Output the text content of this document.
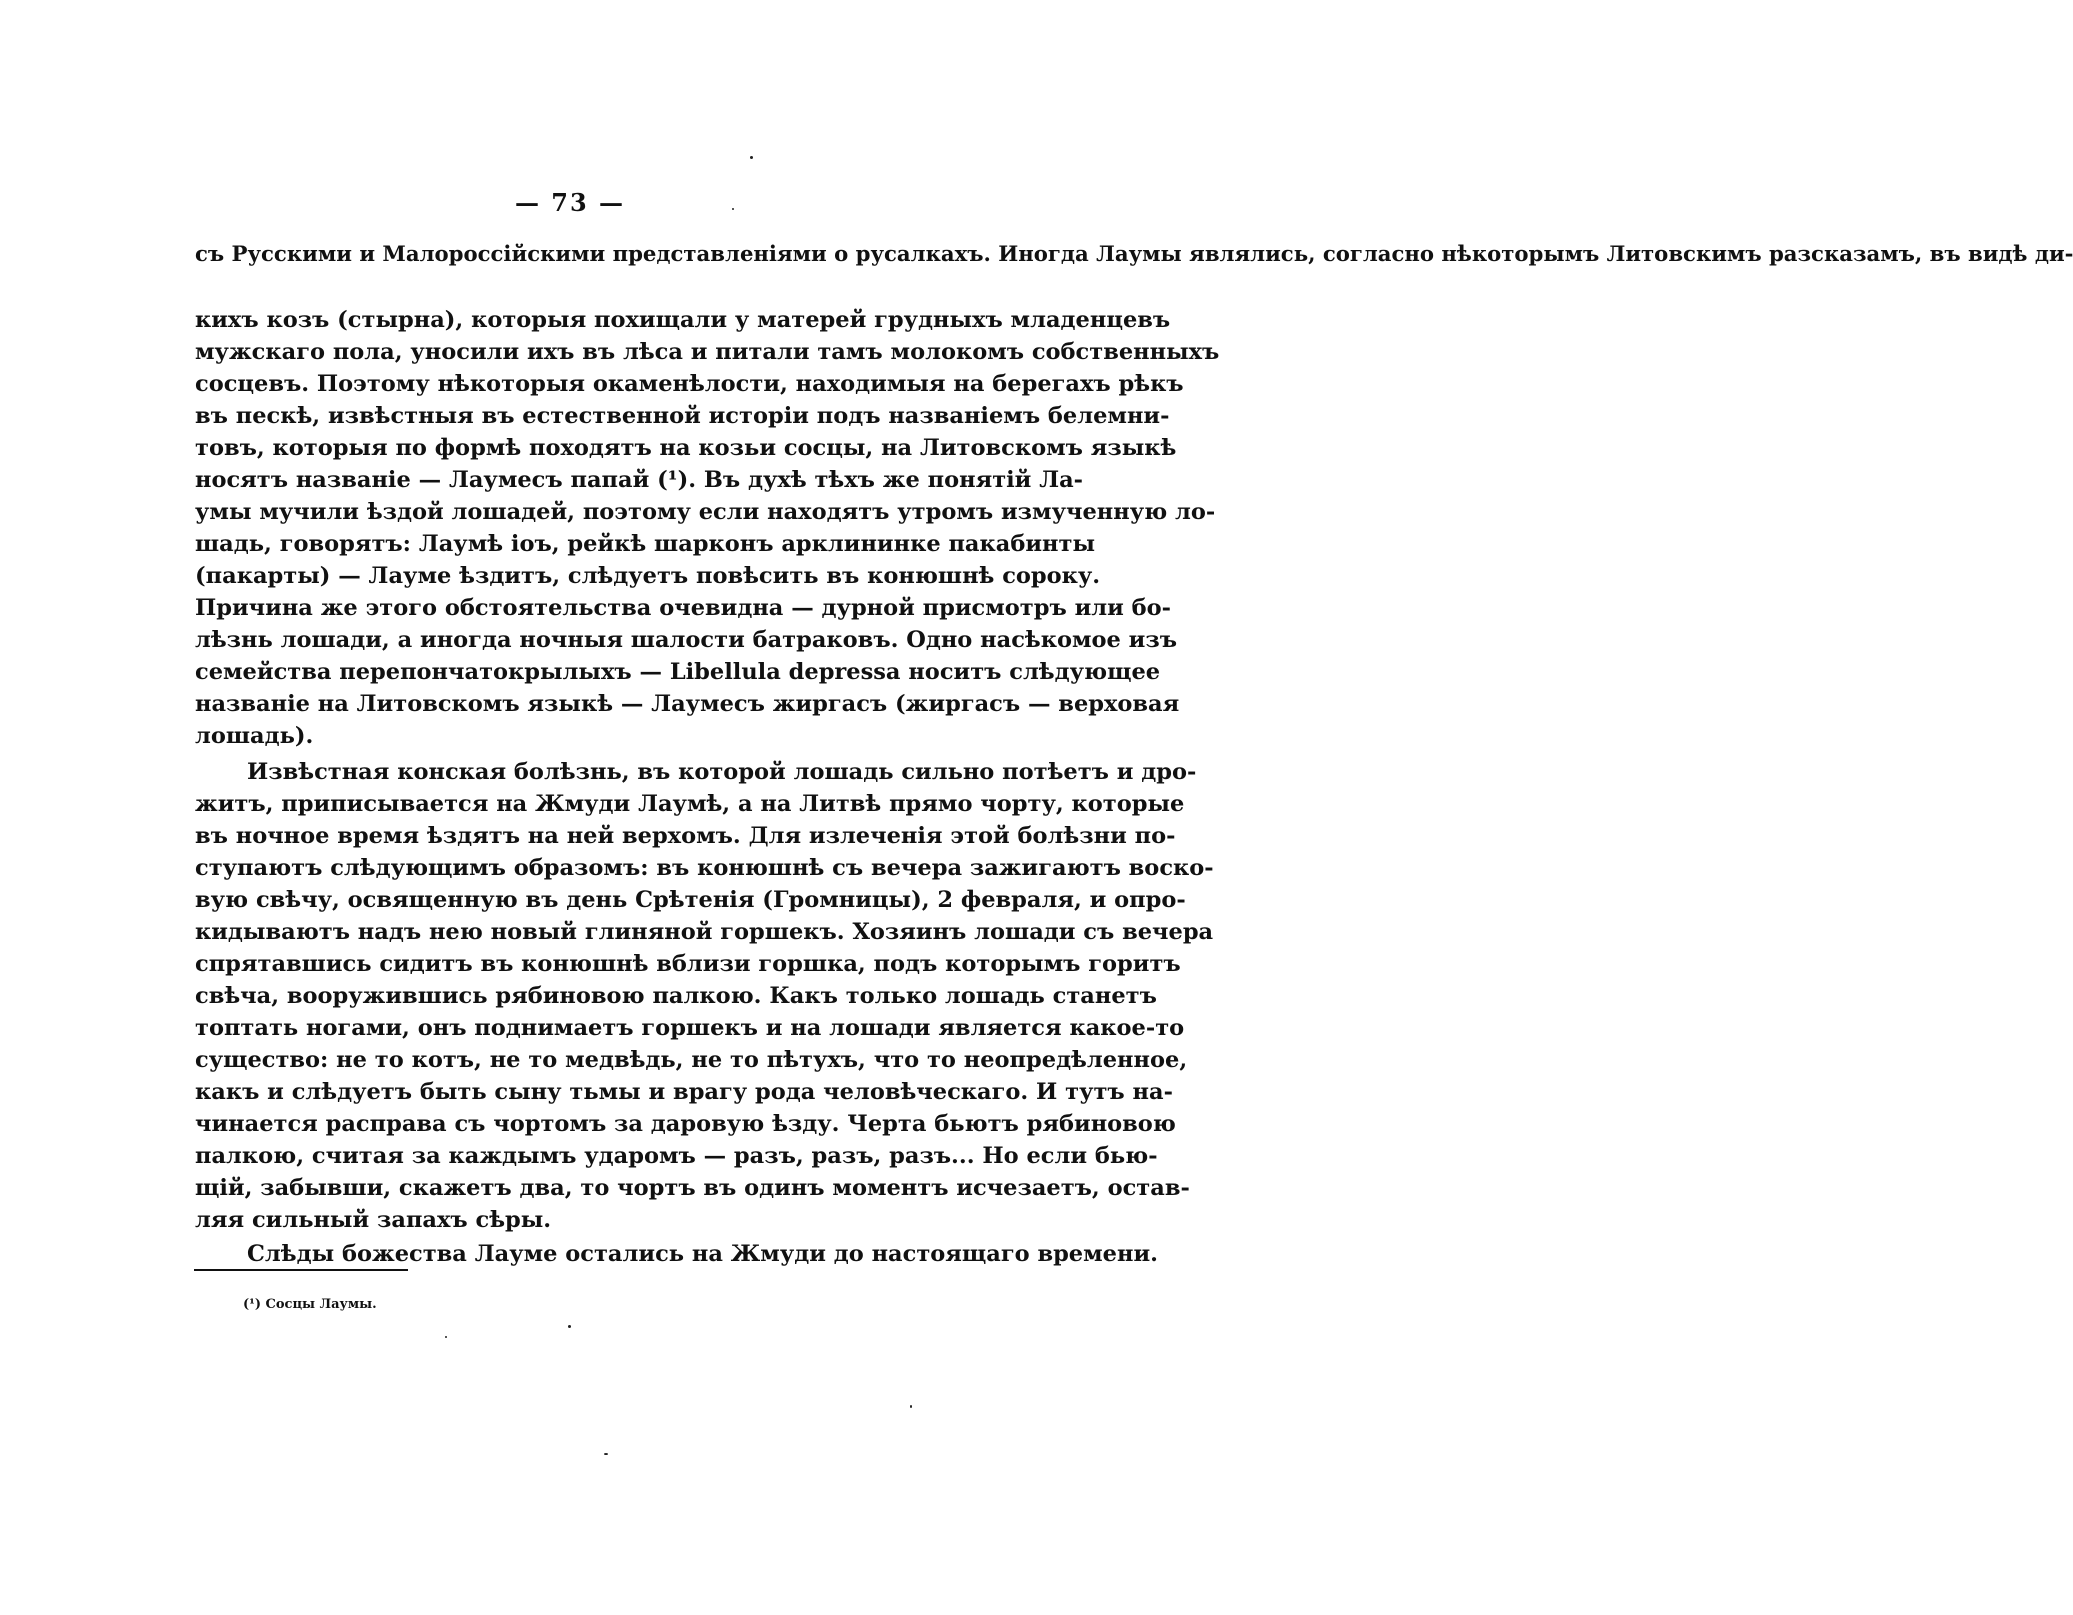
— 73 —
съ Русскими и Малороссійскими представленіями о русалкахъ. Иногда Лаумы являлись, согласно нѣкоторымъ Литовскимъ разсказамъ, въ видѣ ди-
кихъ козъ (стырна), которыя похищали у матерей грудныхъ младенцевъ
мужскаго пола, уносили ихъ въ лѣса и питали тамъ молокомъ собственныхъ
сосцевъ. Поэтому нѣкоторыя окаменѣлости, находимыя на берегахъ рѣкъ
въ пескѣ, извѣстныя въ естественной исторіи подъ названіемъ белемни-
товъ, которыя по формѣ походятъ на козьи сосцы, на Литовскомъ языкѣ
носятъ названіе — Лаумесъ папай (¹). Въ духѣ тѣхъ же понятій Ла-
умы мучили ѣздой лошадей, поэтому если находятъ утромъ измученную ло-
шадь, говорятъ: Лаумѣ іоъ, рейкѣ шарконъ арклининке пакабинты
(пакарты) — Лауме ѣздитъ, слѣдуетъ повѣсить въ конюшнѣ сороку.
Причина же этого обстоятельства очевидна — дурной присмотръ или бо-
лѣзнь лошади, а иногда ночныя шалости батраковъ. Одно насѣкомое изъ
семейства перепончатокрылыхъ — Libellula depressa носитъ слѣдующее
названіе на Литовскомъ языкѣ — Лаумесъ жиргасъ (жиргасъ — верховая
лошадь).
Извѣстная конская болѣзнь, въ которой лошадь сильно потѣетъ и дро-
житъ, приписывается на Жмуди Лаумѣ, а на Литвѣ прямо чорту, которые
въ ночное время ѣздятъ на ней верхомъ. Для излеченія этой болѣзни по-
ступаютъ слѣдующимъ образомъ: въ конюшнѣ съ вечера зажигаютъ воско-
вую свѣчу, освященную въ день Срѣтенія (Громницы), 2 февраля, и опро-
кидываютъ надъ нею новый глиняной горшекъ. Хозяинъ лошади съ вечера
спрятавшись сидитъ въ конюшнѣ вблизи горшка, подъ которымъ горитъ
свѣча, вооружившись рябиновою палкою. Какъ только лошадь станетъ
топтать ногами, онъ поднимаетъ горшекъ и на лошади является какое-то
существо: не то котъ, не то медвѣдь, не то пѣтухъ, что то неопредѣленное,
какъ и слѣдуетъ быть сыну тьмы и врагу рода человѣческаго. И тутъ на-
чинается расправа съ чортомъ за даровую ѣзду. Черта бьютъ рябиновою
палкою, считая за каждымъ ударомъ — разъ, разъ, разъ... Но если бью-
щій, забывши, скажетъ два, то чортъ въ одинъ моментъ исчезаетъ, остав-
ляя сильный запахъ сѣры.
Слѣды божества Лауме остались на Жмуди до настоящаго времени.
(¹) Сосцы Лаумы.
